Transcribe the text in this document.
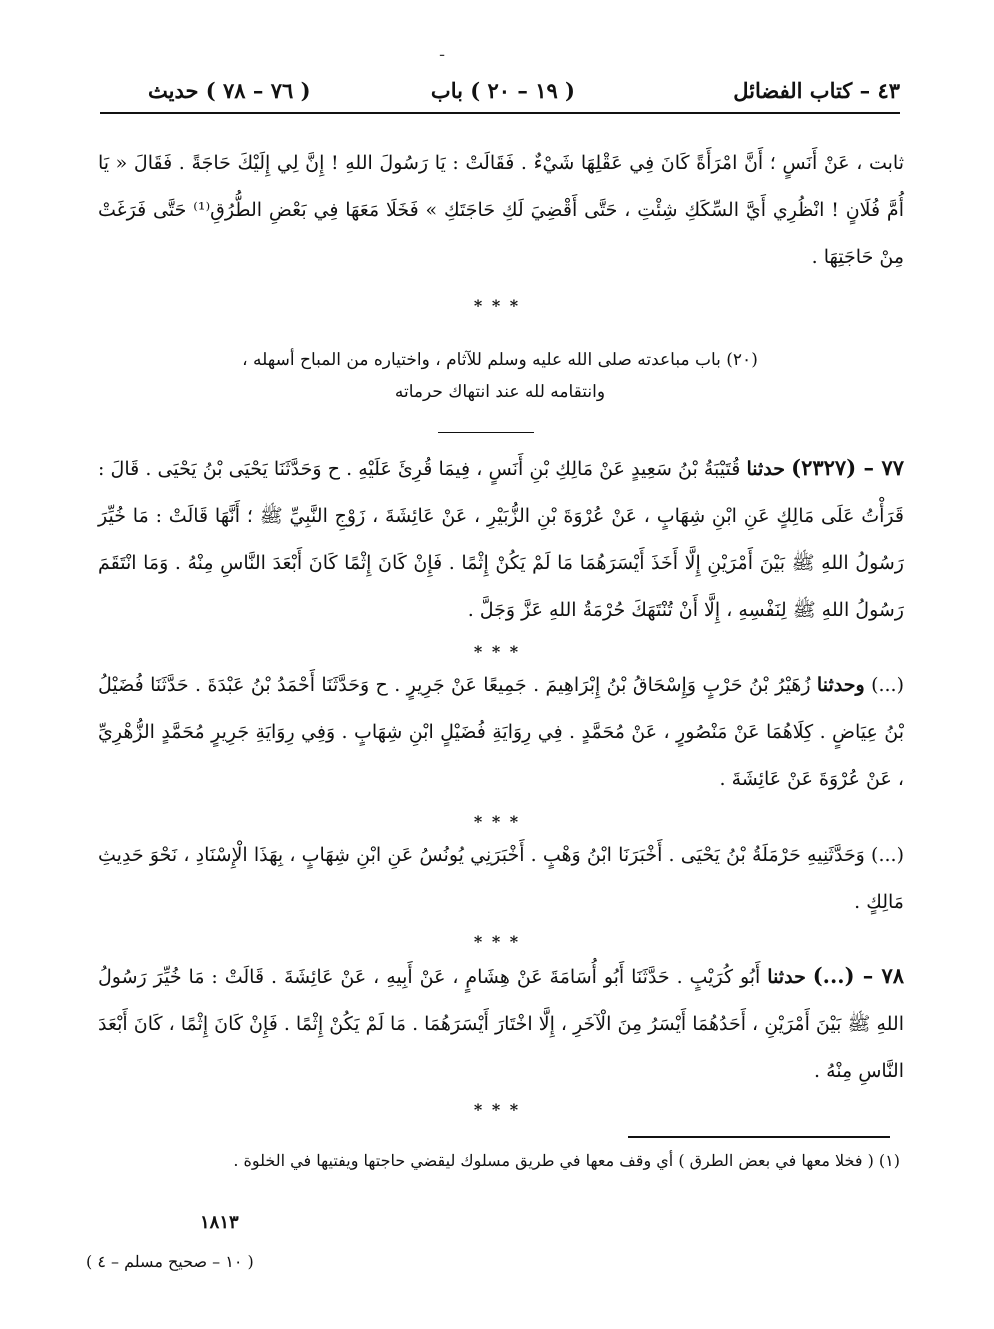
ـ
٤٣ – كتاب الفضائل
( ١٩ – ٢٠ ) باب
( ٧٦ – ٧٨ ) حديث

ثابت ، عَنْ أَنَسٍ ؛ أَنَّ امْرَأَةً كَانَ فِي عَقْلِهَا شَيْءٌ . فَقَالَتْ : يَا رَسُولَ اللهِ ! إِنَّ لِي إِلَيْكَ حَاجَةً . فَقَالَ « يَا أُمَّ فُلَانٍ ! انْظُرِي أَيَّ السِّكَكِ شِئْتِ ، حَتَّى أَقْضِيَ لَكِ حَاجَتَكِ » فَخَلَا مَعَهَا فِي بَعْضِ الطُّرُقِ⁽¹⁾ حَتَّى فَرَغَتْ مِنْ حَاجَتِهَا .

* * *
(٢٠) باب مباعدته صلى الله عليه وسلم للآثام ، واختياره من المباح أسهله ،
وانتقامه لله عند انتهاك حرماته

٧٧ – (٢٣٢٧) حدثنا قُتَيْبَةُ بْنُ سَعِيدٍ عَنْ مَالِكِ بْنِ أَنَسٍ ، فِيمَا قُرِئَ عَلَيْهِ . ح وَحَدَّثَنَا يَحْيَى بْنُ يَحْيَى . قَالَ : قَرَأْتُ عَلَى مَالِكٍ عَنِ ابْنِ شِهَابٍ ، عَنْ عُرْوَةَ بْنِ الزُّبَيْرِ ، عَنْ عَائِشَةَ ، زَوْجِ النَّبِيِّ ﷺ ؛ أَنَّهَا قَالَتْ : مَا خُيِّرَ رَسُولُ اللهِ ﷺ بَيْنَ أَمْرَيْنِ إِلَّا أَخَذَ أَيْسَرَهُمَا مَا لَمْ يَكُنْ إِثْمًا . فَإِنْ كَانَ إِثْمًا كَانَ أَبْعَدَ النَّاسِ مِنْهُ . وَمَا انْتَقَمَ رَسُولُ اللهِ ﷺ لِنَفْسِهِ ، إِلَّا أَنْ تُنْتَهَكَ حُرْمَةُ اللهِ عَزَّ وَجَلَّ .

* * *

(...) وحدثنا زُهَيْرُ بْنُ حَرْبٍ وَإِسْحَاقُ بْنُ إِبْرَاهِيمَ . جَمِيعًا عَنْ جَرِيرٍ . ح وَحَدَّثَنَا أَحْمَدُ بْنُ عَبْدَةَ . حَدَّثَنَا فُضَيْلُ بْنُ عِيَاضٍ . كِلَاهُمَا عَنْ مَنْصُورٍ ، عَنْ مُحَمَّدٍ . فِي رِوَايَةِ فُضَيْلٍ ابْنِ شِهَابٍ . وَفِي رِوَايَةِ جَرِيرٍ مُحَمَّدٍ الزُّهْرِيِّ ، عَنْ عُرْوَةَ عَنْ عَائِشَةَ .

* * *

(...) وَحَدَّثَنِيهِ حَرْمَلَةُ بْنُ يَحْيَى . أَخْبَرَنَا ابْنُ وَهْبٍ . أَخْبَرَنِي يُونُسُ عَنِ ابْنِ شِهَابٍ ، بِهَذَا الْإِسْنَادِ ، نَحْوَ حَدِيثِ مَالِكٍ .

* * *

٧٨ – (...) حدثنا أَبُو كُرَيْبٍ . حَدَّثَنَا أَبُو أُسَامَةَ عَنْ هِشَامٍ ، عَنْ أَبِيهِ ، عَنْ عَائِشَةَ . قَالَتْ : مَا خُيِّرَ رَسُولُ اللهِ ﷺ بَيْنَ أَمْرَيْنِ ، أَحَدُهُمَا أَيْسَرُ مِنَ الْآخَرِ ، إِلَّا اخْتَارَ أَيْسَرَهُمَا . مَا لَمْ يَكُنْ إِثْمًا . فَإِنْ كَانَ إِثْمًا ، كَانَ أَبْعَدَ النَّاسِ مِنْهُ .

* * *

(١) ( فخلا معها في بعض الطرق ) أي وقف معها في طريق مسلوك ليقضي حاجتها ويفتيها في الخلوة .

١٨١٣
( ١٠ – صحيح مسلم – ٤ )
